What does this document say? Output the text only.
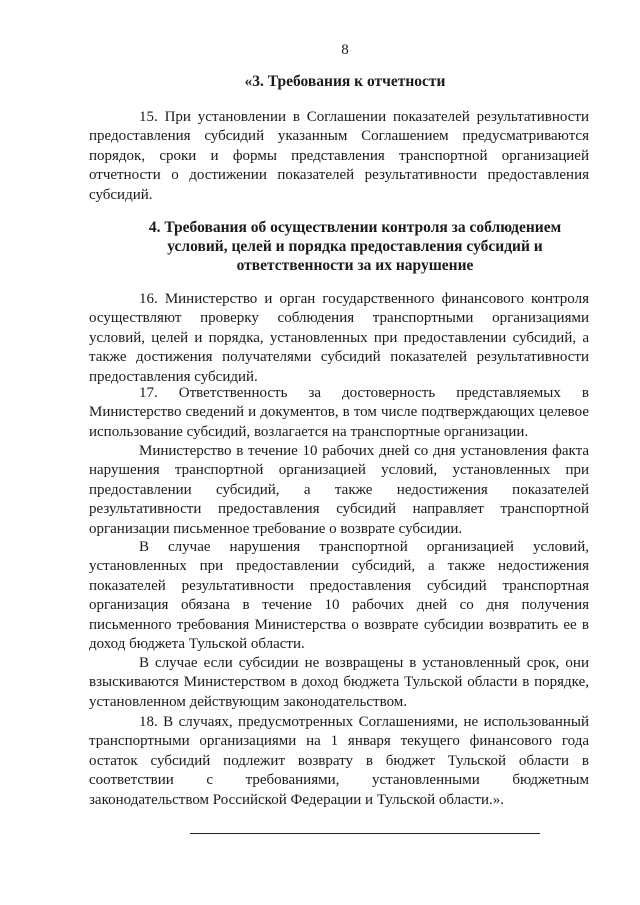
8
«3. Требования к отчетности

15. При установлении в Соглашении показателей результативности предоставления субсидий указанным Соглашением предусматриваются порядок, сроки и формы представления транспортной организацией отчетности о достижении показателей результативности предоставления субсидий.

4. Требования об осуществлении контроля за соблюдением
условий, целей и порядка предоставления субсидий и
ответственности за их нарушение

16. Министерство и орган государственного финансового контроля осуществляют проверку соблюдения транспортными организациями условий, целей и порядка, установленных при предоставлении субсидий, а также достижения получателями субсидий показателей результативности предоставления субсидий.

17. Ответственность за достоверность представляемых в Министерство сведений и документов, в том числе подтверждающих целевое использование субсидий, возлагается на транспортные организации.

Министерство в течение 10 рабочих дней со дня установления факта нарушения транспортной организацией условий, установленных при предоставлении субсидий, а также недостижения показателей результативности предоставления субсидий направляет транспортной организации письменное требование о возврате субсидии.

В случае нарушения транспортной организацией условий, установленных при предоставлении субсидий, а также недостижения показателей результативности предоставления субсидий транспортная организация обязана в течение 10 рабочих дней со дня получения письменного требования Министерства о возврате субсидии возвратить ее в доход бюджета Тульской области.

В случае если субсидии не возвращены в установленный срок, они взыскиваются Министерством в доход бюджета Тульской области в порядке, установленном действующим законодательством.

18. В случаях, предусмотренных Соглашениями, не использованный транспортными организациями на 1 января текущего финансового года остаток субсидий подлежит возврату в бюджет Тульской области в соответствии с требованиями, установленными бюджетным законодательством Российской Федерации и Тульской области.».
